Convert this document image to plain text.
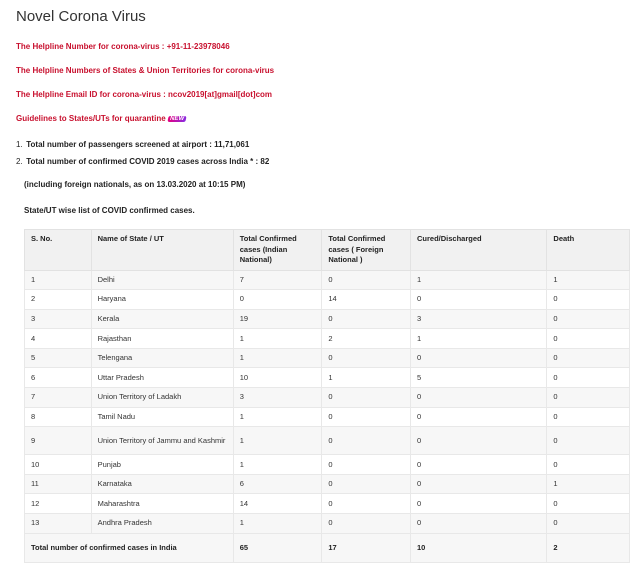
Novel Corona Virus
The Helpline Number for corona-virus : +91-11-23978046
The Helpline Numbers of States & Union Territories for corona-virus
The Helpline Email ID for corona-virus : ncov2019[at]gmail[dot]com
Guidelines to States/UTs for quarantine NEW
1. Total number of passengers screened at airport : 11,71,061
2. Total number of confirmed COVID 2019 cases across India * : 82
(including foreign nationals, as on 13.03.2020 at 10:15 PM)
State/UT wise list of COVID confirmed cases.
S. No.	Name of State / UT	Total Confirmed cases (Indian National)	Total Confirmed cases ( Foreign National )	Cured/Discharged	Death
1	Delhi	7	0	1	1
2	Haryana	0	14	0	0
3	Kerala	19	0	3	0
4	Rajasthan	1	2	1	0
5	Telengana	1	0	0	0
6	Uttar Pradesh	10	1	5	0
7	Union Territory of Ladakh	3	0	0	0
8	Tamil Nadu	1	0	0	0
9	Union Territory of Jammu and Kashmir	1	0	0	0
10	Punjab	1	0	0	0
11	Karnataka	6	0	0	1
12	Maharashtra	14	0	0	0
13	Andhra Pradesh	1	0	0	0
Total number of confirmed cases in India		65	17	10	2
